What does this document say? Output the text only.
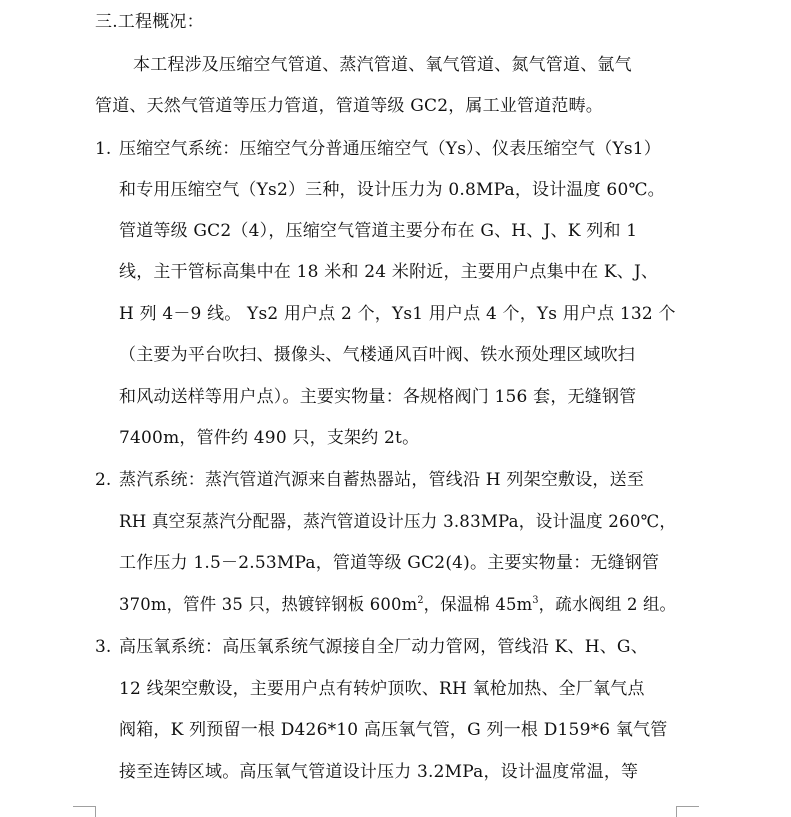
三.工程概况：
本工程涉及压缩空气管道、蒸汽管道、氧气管道、氮气管道、氩气
管道、天然气管道等压力管道，管道等级 GC2，属工业管道范畴。
1. 压缩空气系统：压缩空气分普通压缩空气（Ys）、仪表压缩空气（Ys1）
和专用压缩空气（Ys2）三种，设计压力为 0.8MPa，设计温度 60℃。
管道等级 GC2（4），压缩空气管道主要分布在 G、H、J、K 列和 1
线，主干管标高集中在 18 米和 24 米附近，主要用户点集中在 K、J、
H 列 4－9 线。 Ys2 用户点 2 个，Ys1 用户点 4 个，Ys 用户点 132 个
（主要为平台吹扫、摄像头、气楼通风百叶阀、铁水预处理区域吹扫
和风动送样等用户点）。主要实物量：各规格阀门 156 套，无缝钢管
7400m，管件约 490 只，支架约 2t。
2. 蒸汽系统：蒸汽管道汽源来自蓄热器站，管线沿 H 列架空敷设，送至
RH 真空泵蒸汽分配器，蒸汽管道设计压力 3.83MPa，设计温度 260℃，
工作压力 1.5－2.53MPa，管道等级 GC2(4)。主要实物量：无缝钢管
370m，管件 35 只，热镀锌钢板 $600m^2$，保温棉 $45m^3$，疏水阀组 2 组。
3. 高压氧系统：高压氧系统气源接自全厂动力管网，管线沿 K、H、G、
12 线架空敷设，主要用户点有转炉顶吹、RH 氧枪加热、全厂氧气点
阀箱，K 列预留一根 D426*10 高压氧气管，G 列一根 D159*6 氧气管
接至连铸区域。高压氧气管道设计压力 3.2MPa，设计温度常温，等
